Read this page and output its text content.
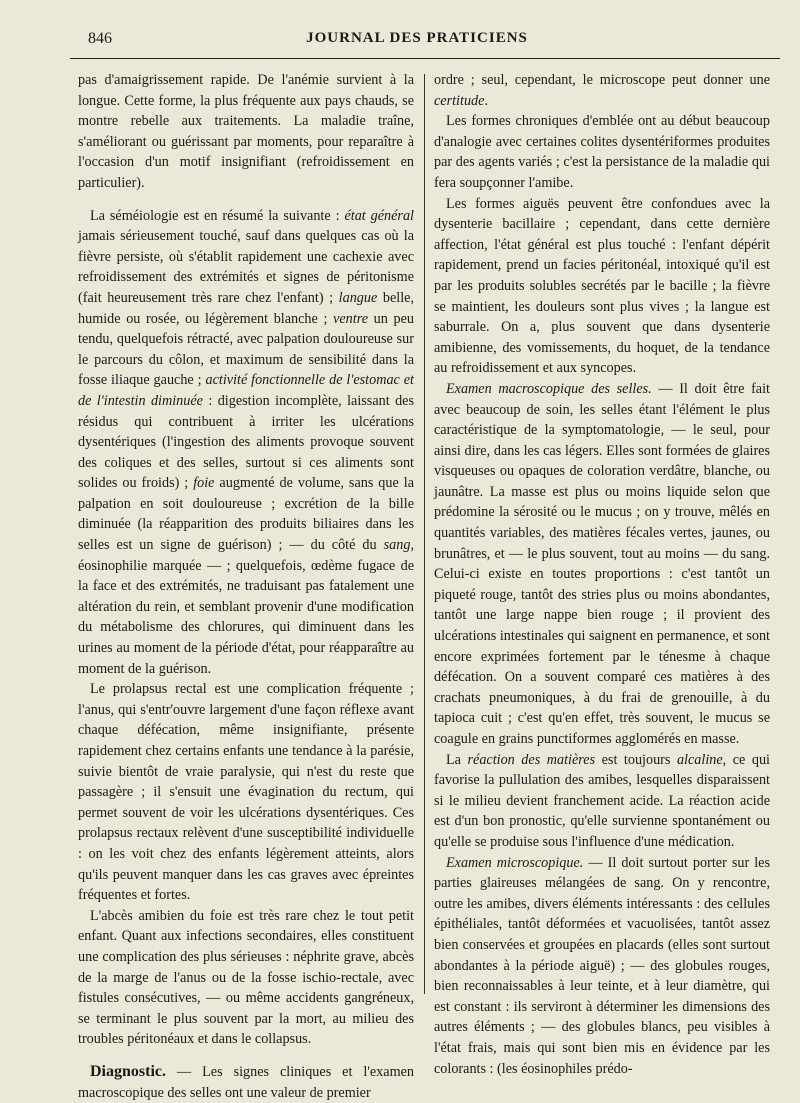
846	JOURNAL DES PRATICIENS

pas d'amaigrissement rapide. De l'anémie survient à la longue. Cette forme, la plus fréquente aux pays chauds, se montre rebelle aux traitements. La maladie traîne, s'améliorant ou guérissant par moments, pour reparaître à l'occasion d'un motif insignifiant (refroidissement en particulier).

La séméiologie est en résumé la suivante : état général jamais sérieusement touché, sauf dans quelques cas où la fièvre persiste, où s'établit rapidement une cachexie avec refroidissement des extrémités et signes de péritonisme (fait heureusement très rare chez l'enfant) ; langue belle, humide ou rosée, ou légèrement blanche ; ventre un peu tendu, quelquefois rétracté, avec palpation douloureuse sur le parcours du côlon, et maximum de sensibilité dans la fosse iliaque gauche ; activité fonctionnelle de l'estomac et de l'intestin diminuée : digestion incomplète, laissant des résidus qui contribuent à irriter les ulcérations dysentériques (l'ingestion des aliments provoque souvent des coliques et des selles, surtout si ces aliments sont solides ou froids) ; foie augmenté de volume, sans que la palpation en soit douloureuse ; excrétion de la bille diminuée (la réapparition des produits biliaires dans les selles est un signe de guérison) ; — du côté du sang, éosinophilie marquée — ; quelquefois, œdème fugace de la face et des extrémités, ne traduisant pas fatalement une altération du rein, et semblant provenir d'une modification du métabolisme des chlorures, qui diminuent dans les urines au moment de la période d'état, pour réapparaître au moment de la guérison.

Le prolapsus rectal est une complication fréquente ; l'anus, qui s'entr'ouvre largement d'une façon réflexe avant chaque défécation, même insignifiante, présente rapidement chez certains enfants une tendance à la parésie, suivie bientôt de vraie paralysie, qui n'est du reste que passagère ; il s'ensuit une évagination du rectum, qui permet souvent de voir les ulcérations dysentériques. Ces prolapsus rectaux relèvent d'une susceptibilité individuelle : on les voit chez des enfants légèrement atteints, alors qu'ils peuvent manquer dans les cas graves avec épreintes fréquentes et fortes.

L'abcès amibien du foie est très rare chez le tout petit enfant. Quant aux infections secondaires, elles constituent une complication des plus sérieuses : néphrite grave, abcès de la marge de l'anus ou de la fosse ischio-rectale, avec fistules consécutives, — ou même accidents gangréneux, se terminant le plus souvent par la mort, au milieu des troubles péritonéaux et dans le collapsus.

Diagnostic. — Les signes cliniques et l'examen macroscopique des selles ont une valeur de premier

ordre ; seul, cependant, le microscope peut donner une certitude.

Les formes chroniques d'emblée ont au début beaucoup d'analogie avec certaines colites dysentériformes produites par des agents variés ; c'est la persistance de la maladie qui fera soupçonner l'amibe.

Les formes aiguës peuvent être confondues avec la dysenterie bacillaire ; cependant, dans cette dernière affection, l'état général est plus touché : l'enfant dépérit rapidement, prend un facies péritonéal, intoxiqué qu'il est par les produits solubles secrétés par le bacille ; la fièvre se maintient, les douleurs sont plus vives ; la langue est saburrale. On a, plus souvent que dans dysenterie amibienne, des vomissements, du hoquet, de la tendance au refroidissement et aux syncopes.

Examen macroscopique des selles. — Il doit être fait avec beaucoup de soin, les selles étant l'élément le plus caractéristique de la symptomatologie, — le seul, pour ainsi dire, dans les cas légers. Elles sont formées de glaires visqueuses ou opaques de coloration verdâtre, blanche, ou jaunâtre. La masse est plus ou moins liquide selon que prédomine la sérosité ou le mucus ; on y trouve, mêlés en quantités variables, des matières fécales vertes, jaunes, ou brunâtres, et — le plus souvent, tout au moins — du sang. Celui-ci existe en toutes proportions : c'est tantôt un piqueté rouge, tantôt des stries plus ou moins abondantes, tantôt une large nappe bien rouge ; il provient des ulcérations intestinales qui saignent en permanence, et sont encore exprimées fortement par le ténesme à chaque défécation. On a souvent comparé ces matières à des crachats pneumoniques, à du frai de grenouille, à du tapioca cuit ; c'est qu'en effet, très souvent, le mucus se coagule en grains punctiformes agglomérés en masse.

La réaction des matières est toujours alcaline, ce qui favorise la pullulation des amibes, lesquelles disparaissent si le milieu devient franchement acide. La réaction acide est d'un bon pronostic, qu'elle survienne spontanément ou qu'elle se produise sous l'influence d'une médication.

Examen microscopique. — Il doit surtout porter sur les parties glaireuses mélangées de sang. On y rencontre, outre les amibes, divers éléments intéressants : des cellules épithéliales, tantôt déformées et vacuolisées, tantôt assez bien conservées et groupées en placards (elles sont surtout abondantes à la période aiguë) ; — des globules rouges, bien reconnaissables à leur teinte, et à leur diamètre, qui est constant : ils serviront à déterminer les dimensions des autres éléments ; — des globules blancs, peu visibles à l'état frais, mais qui sont bien mis en évidence par les colorants : (les éosinophiles prédo-
